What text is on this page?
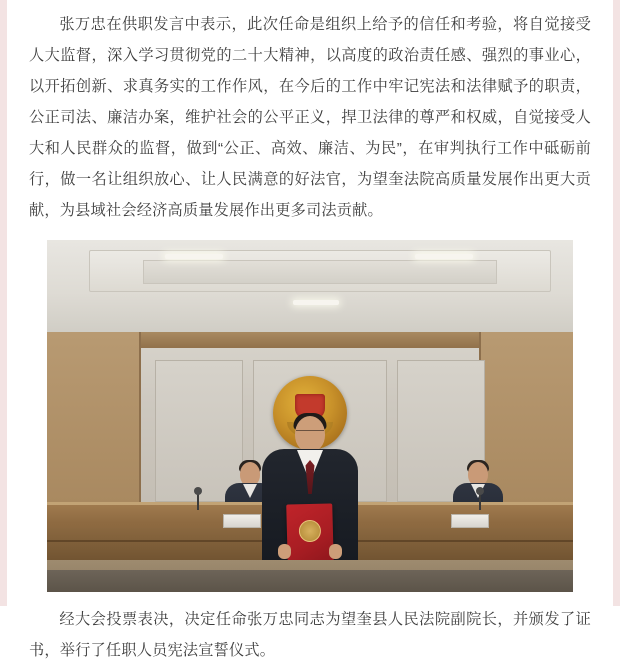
张万忠在供职发言中表示，此次任命是组织上给予的信任和考验，将自觉接受人大监督，深入学习贯彻党的二十大精神，以高度的政治责任感、强烈的事业心，以开拓创新、求真务实的工作作风，在今后的工作中牢记宪法和法律赋予的职责，公正司法、廉洁办案，维护社会的公平正义，捍卫法律的尊严和权威，自觉接受人大和人民群众的监督，做到“公正、高效、廉洁、为民”，在审判执行工作中砥砺前行，做一名让组织放心、让人民满意的好法官，为望奎法院高质量发展作出更大贡献，为县域社会经济高质量发展作出更多司法贡献。

经大会投票表决，决定任命张万忠同志为望奎县人民法院副院长，并颁发了证书，举行了任职人员宪法宣誓仪式。
